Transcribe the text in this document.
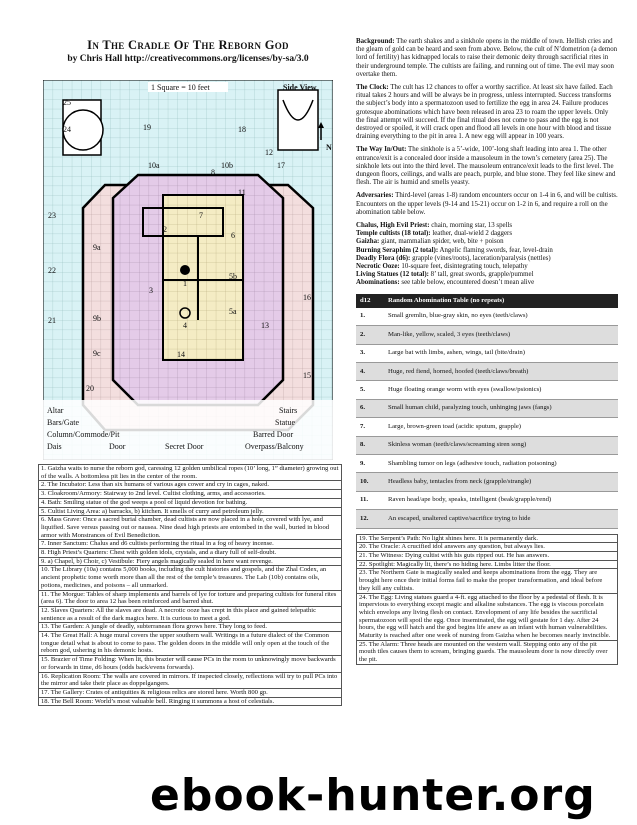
In The Cradle Of The Reborn God
by Chris Hall http://creativecommons.org/licenses/by-sa/3.0
25
24	19	18
10a	10b	17
11
23
2
7
6
22
9a
3
1
5b
16
21	9b
4
5a
13
9c	14
20
15
8
12
1 Square = 10 feet	Side View
N
Altar
Bars/Gate
Column/Commode/Pit
Dais	Door
Stairs
Statue
Barred Door
Secret Door	Overpass/Balcony
1. Gaizha waits to nurse the reborn god, caressing 12 golden umbilical ropes (10’ long, 1” diameter) growing out of the walls. A bottomless pit lies in the center of the room.
2. The Incubator: Less than six humans of various ages cower and cry in cages, naked.
3. Cloakroom/Armory: Stairway to 2nd level. Cultist clothing, arms, and accessories.
4. Bath: Smiling statue of the god weeps a pool of liquid devotion for bathing.
5. Cultist Living Area: a) barracks, b) kitchen. It smells of curry and petroleum jelly.
6. Mass Grave: Once a sacred burial chamber, dead cultists are now placed in a hole, covered with lye, and liquified. Save versus passing out or nausea. Nine dead high priests are entombed in the wall, buried in blood armor with Monstrances of Evil Benediction.
7. Inner Sanctum: Chalus and d6 cultists performing the ritual in a fog of heavy incense.
8. High Priest’s Quarters: Chest with golden idols, crystals, and a diary full of self-doubt.
9. a) Chapel, b) Choir, c) Vestibule: Fiery angels magically sealed in here want revenge.
10. The Library (10a) contains 5,000 books, including the cult histories and gospels, and the Zhal Codex, an ancient prophetic tome worth more than all the rest of the temple’s treasures. The Lab (10b) contains oils, potions, medicines, and poisons – all unmarked.
11. The Morgue: Tables of sharp implements and barrels of lye for torture and preparing cultists for funeral rites (area 6). The door to area 12 has been reinforced and barred shut.
12. Slaves Quarters: All the slaves are dead. A necrotic ooze has crept in this place and gained telepathic sentience as a result of the dark magics here. It is curious to meet a god.
13. The Garden: A jungle of deadly, subterranean flora grows here. They long to feed.
14. The Great Hall: A huge mural covers the upper southern wall. Writings in a future dialect of the Common tongue detail what is about to come to pass. The golden doors in the middle will only open at the touch of the reborn god, ushering in his demonic hosts.
15. Brazier of Time Folding: When lit, this brazier will cause PCs in the room to unknowingly move backwards or forwards in time, d6 hours (odds back/evens forwards).
16. Replication Room: The walls are covered in mirrors. If inspected closely, reflections will try to pull PCs into the mirror and take their place as doppelgangers.
17. The Gallery: Crates of antiquities & religious relics are stored here. Worth 800 gp.
18. The Bell Room: World’s most valuable bell. Ringing it summons a host of celestials.

Background: The earth shakes and a sinkhole opens in the middle of town. Hellish cries and the gleam of gold can be heard and seen from above. Below, the cult of N’dometrion (a demon lord of fertility) has kidnapped locals to raise their demonic deity through sacrificial rites in their underground temple. The cultists are failing, and running out of time. The evil may soon overtake them.

The Clock: The cult has 12 chances to offer a worthy sacrifice. At least six have failed. Each ritual takes 2 hours and will be always be in progress, unless interrupted. Success transforms the subject’s body into a spermatozoon used to fertilize the egg in area 24. Failure produces grotesque abominations which have been released in area 23 to roam the upper levels. Only the final attempt will succeed. If the final ritual does not come to pass and the egg is not destroyed or spoiled, it will crack open and flood all levels in one hour with blood and tissue draining everything to the pit in area 1. A new egg will appear in 100 years.

The Way In/Out: The sinkhole is a 5’-wide, 100’-long shaft leading into area 1. The other entrance/exit is a concealed door inside a mausoleum in the town’s cemetery (area 25). The sinkhole lets out into the third level. The mausoleum entrance/exit leads to the first level. The dungeon floors, ceilings, and walls are peach, purple, and blue stone. They feel like sinew and flesh. The air is humid and smells yeasty.

Adversaries: Third-level (areas 1-8) random encounters occur on 1-4 in 6, and will be cultists. Encounters on the upper levels (9-14 and 15-21) occur on 1-2 in 6, and require a roll on the abomination table below.

Chalus, High Evil Priest: chain, morning star, 13 spells
Temple cultists (18 total): leather, dual-wield 2 daggers
Gaizha: giant, mammalian spider, web, bite + poison
Burning Seraphim (2 total): Angelic flaming swords, fear, level-drain
Deadly Flora (d6): grapple (vines/roots), laceration/paralysis (nettles)
Necrotic Ooze: 10-square feet, disintegrating touch, telepathy
Living Statues (12 total): 8’ tall, great swords, grapple/pummel
Abominations: see table below, encountered doesn’t mean alive
d12	Random Abomination Table (no repeats)
1.	Small gremlin, blue-gray skin, no eyes (teeth/claws)
2.	Man-like, yellow, scaled, 3 eyes (teeth/claws)
3.	Large bat with limbs, ashen, wings, tail (bite/drain)
4.	Huge, red fiend, horned, hoofed (teeth/claws/breath)
5.	Huge floating orange worm with eyes (swallow/psionics)
6.	Small human child, paralyzing touch, unhinging jaws (fangs)
7.	Large, brown-green toad (acidic sputum, grapple)
8.	Skinless woman (teeth/claws/screaming siren song)
9.	Shambling tumor on legs (adhesive touch, radiation poisoning)
10.	Headless baby, tentacles from neck (grapple/strangle)
11.	Raven head/ape body, speaks, intelligent (beak/grapple/rend)
12.	An escaped, unaltered captive/sacrifice trying to hide
19. The Serpent’s Path: No light shines here. It is permanently dark.
20. The Oracle: A crucified idol answers any question, but always lies.
21. The Witness: Dying cultist with his guts ripped out. He has answers.
22. Spotlight: Magically lit, there’s no hiding here. Limbs litter the floor.
23. The Northern Gate is magically sealed and keeps abominations from the egg. They are brought here once their initial forms fail to make the proper transformation, and ideal before they kill any cultists.
24. The Egg: Living statues guard a 4-ft. egg attached to the floor by a pedestal of flesh. It is impervious to everything except magic and alkaline substances. The egg is viscous porcelain which envelops any living flesh on contact. Envelopment of any life besides the sacrificial spermatozoon will spoil the egg. Once inseminated, the egg will gestate for 1 day. After 24 hours, the egg will hatch and the god begins life anew as an infant with human vulnerabilities. Maturity is reached after one week of nursing from Gaizha when he becomes nearly invincible.
25. The Alarm: Three heads are mounted on the western wall. Stepping onto any of the pit mouth tiles causes them to scream, bringing guards. The mausoleum door is now directly over the pit.
ebook-hunter.org
